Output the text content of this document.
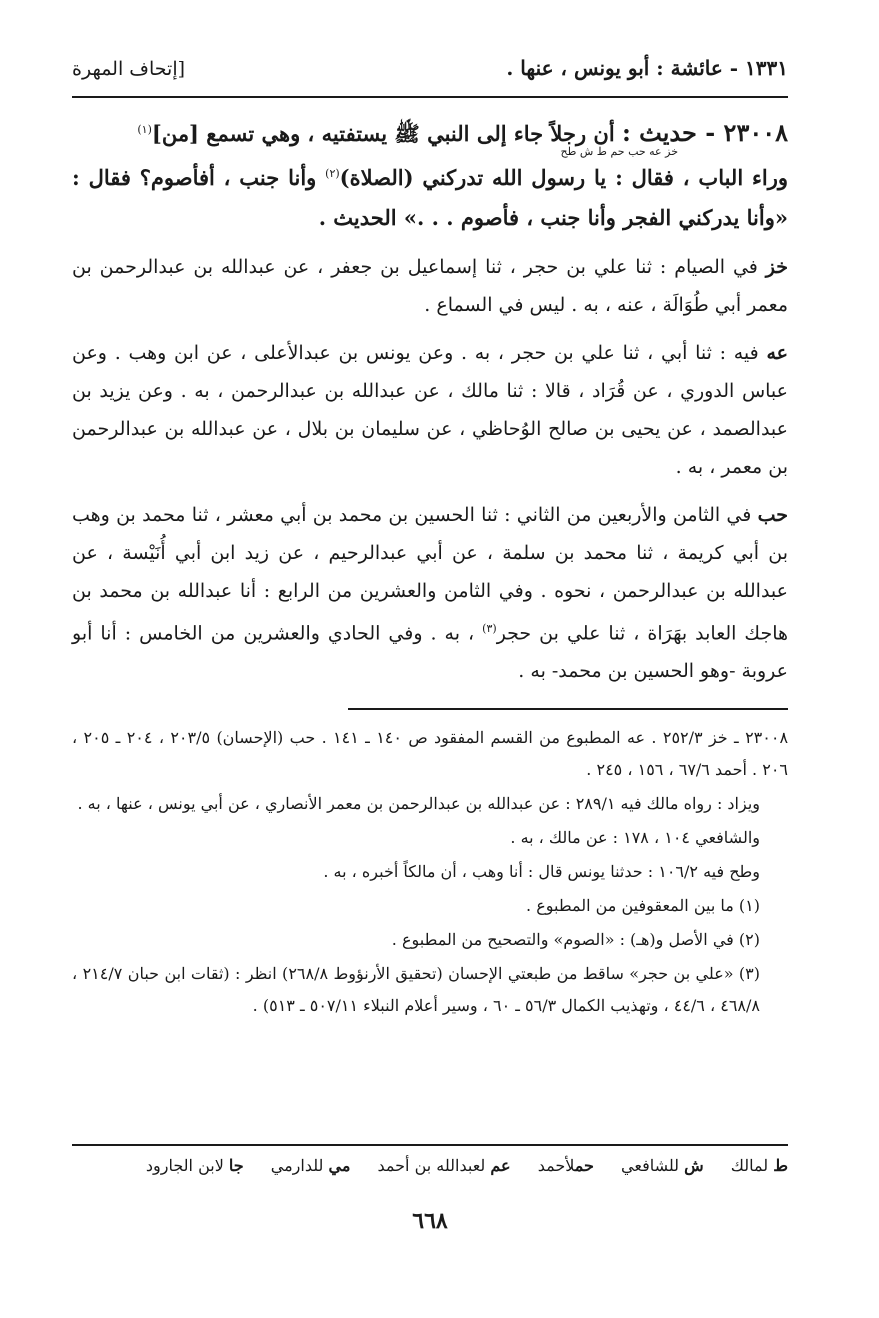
١٣٣١ - عائشة : أبو يونس ، عنها .
[إتحاف المهرة
٢٣٠٠٨ - حديث : أن رجلاً جاء إلى النبي ﷺ يستفتيه ، وهي تسمع [من]$^{(١)}$
خز عه حب حم ط ش طح
وراء الباب ، فقال : يا رسول الله تدركني (الصلاة)$^{(٢)}$ وأنا جنب ، أفأصوم؟ فقال : «وأنا يدركني الفجر وأنا جنب ، فأصوم . . .» الحديث .
خز في الصيام : ثنا علي بن حجر ، ثنا إسماعيل بن جعفر ، عن عبدالله بن عبدالرحمن بن معمر أبي طُوَالَة ، عنه ، به . ليس في السماع .
عه فيه : ثنا أبي ، ثنا علي بن حجر ، به . وعن يونس بن عبدالأعلى ، عن ابن وهب . وعن عباس الدوري ، عن قُرَاد ، قالا : ثنا مالك ، عن عبدالله بن عبدالرحمن ، به . وعن يزيد بن عبدالصمد ، عن يحيى بن صالح الوُحاظي ، عن سليمان بن بلال ، عن عبدالله بن عبدالرحمن بن معمر ، به .
حب في الثامن والأربعين من الثاني : ثنا الحسين بن محمد بن أبي معشر ، ثنا محمد بن وهب بن أبي كريمة ، ثنا محمد بن سلمة ، عن أبي عبدالرحيم ، عن زيد ابن أبي أُنَيْسة ، عن عبدالله بن عبدالرحمن ، نحوه . وفي الثامن والعشرين من الرابع : أنا عبدالله بن محمد بن هاجك العابد بهَرَاة ، ثنا علي بن حجر$^{(٣)}$ ، به . وفي الحادي والعشرين من الخامس : أنا أبو عروبة -وهو الحسين بن محمد- به .

٢٣٠٠٨ ـ خز ٢٥٢/٣ . عه المطبوع من القسم المفقود ص ١٤٠ ـ ١٤١ . حب (الإحسان) ٢٠٣/٥ ، ٢٠٤ ـ ٢٠٥ ، ٢٠٦ . أحمد ٦٧/٦ ، ١٥٦ ، ٢٤٥ .

ويزاد : رواه مالك فيه ٢٨٩/١ : عن عبدالله بن عبدالرحمن بن معمر الأنصاري ، عن أبي يونس ، عنها ، به .

والشافعي ١٠٤ ، ١٧٨ : عن مالك ، به .

وطح فيه ١٠٦/٢ : حدثنا يونس قال : أنا وهب ، أن مالكاً أخبره ، به .

(١) ما بين المعقوفين من المطبوع .

(٢) في الأصل و(هـ) : «الصوم» والتصحيح من المطبوع .

(٣) «علي بن حجر» ساقط من طبعتي الإحسان (تحقيق الأرنؤوط ٢٦٨/٨) انظر : (ثقات ابن حبان ٢١٤/٧ ، ٤٦٨/٨ ، ٤٤/٦ ، وتهذيب الكمال ٥٦/٣ ـ ٦٠ ، وسير أعلام النبلاء ٥٠٧/١١ ـ ٥١٣) .

ط لمالك ش للشافعي حملأحمد عم لعبدالله بن أحمد مي للدارمي جا لابن الجارود
٦٦٨
